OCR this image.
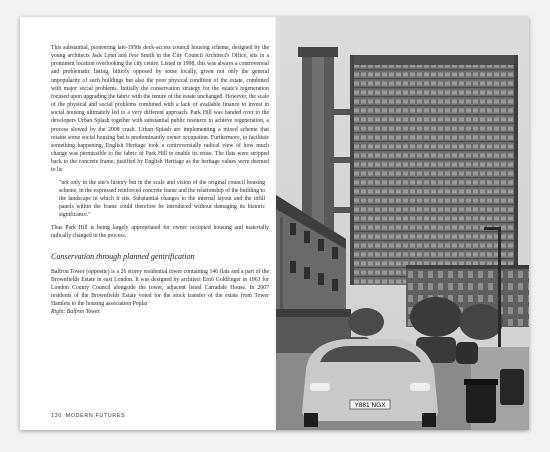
This substantial, pioneering late-1950s deck-access council housing scheme, designed by the young architects Jack Lynn and Ivor Smith in the City Council Architect's Office, sits in a prominent location overlooking the city centre. Listed in 1998, this was always a controversial and problematic listing, bitterly opposed by some locally, given not only the general unpopularity of such buildings but also the poor physical condition of the estate, combined with major social problems. Initially the conservation strategy for the estate's regeneration focused upon upgrading the fabric with the tenure of the estate unchanged. However, the scale of the physical and social problems combined with a lack of available finance to invest in social housing ultimately led to a very different approach. Park Hill was handed over to the developers Urban Splash together with substantial public resource to achieve regeneration, a process slowed by the 2008 crash. Urban Splash are implementing a mixed scheme that retains some social housing but is predominantly owner occupation. Furthermore, to facilitate something happening, English Heritage took a controversially radical view of how much change was permissible to the fabric of Park Hill to enable its reuse. The flats were stripped back to the concrete frame, justified by English Heritage as the heritage values were deemed to lie

"not only in the site's history but in the scale and vision of the original council housing scheme, in the expressed reinforced concrete frame and the relationship of the building to the landscape in which it sits. Substantial changes to the internal layout and the infill panels within the frame could therefore be introduced without damaging its historic significance."

Thus Park Hill is being largely appropriated for owner occupied housing and materially radically changed in the process.

Conservation through planned gentrification

Balfron Tower (opposite) is a 26 storey residential tower containing 146 flats and a part of the Brownfields Estate in east London. It was designed by architect Ernö Goldfinger in 1963 for London County Council alongside the tower, adjacent listed Carradale House. In 2007 residents of the Brownfields Estate voted for the stock transfer of the estate from Tower Hamlets to the housing association Poplar

Right: Balfron Tower.

130 MODERN FUTURES
Y881 NGX
